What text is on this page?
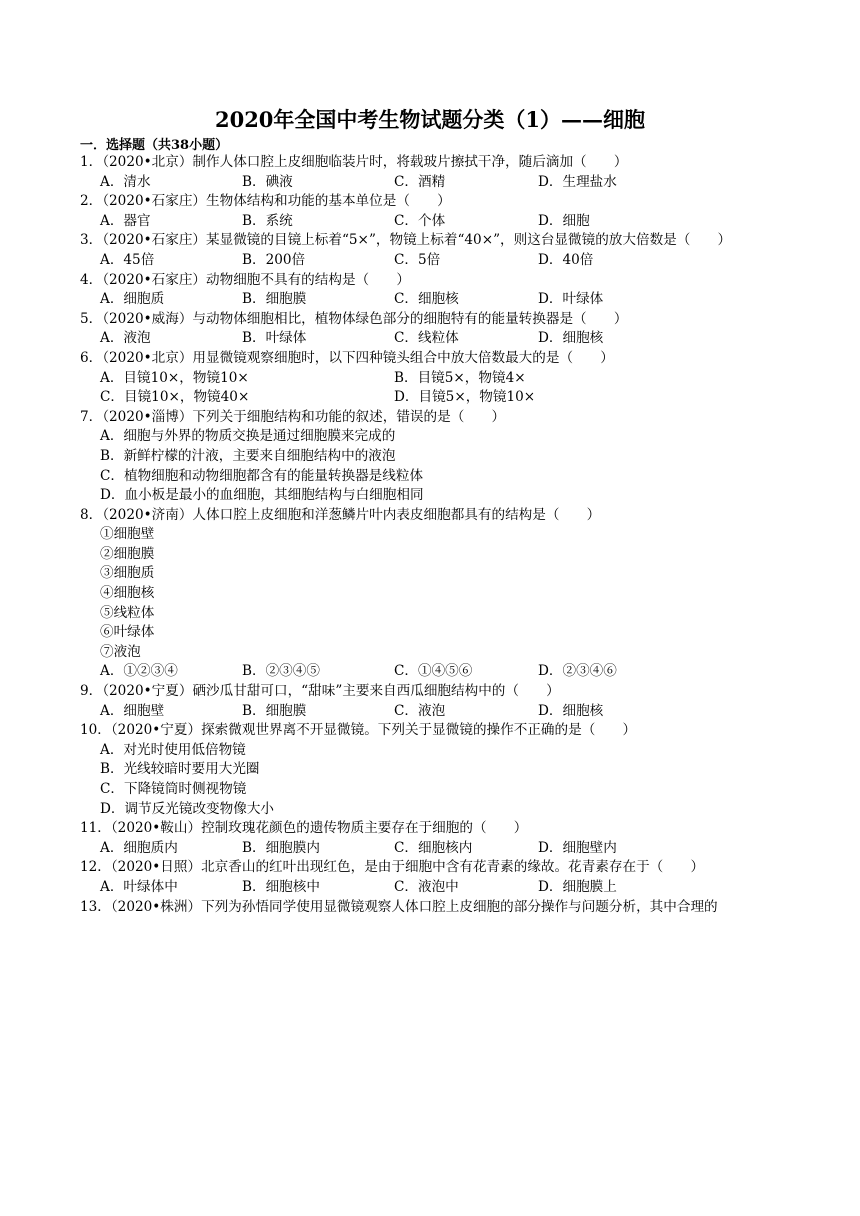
2020年全国中考生物试题分类（1）——细胞
一．选择题（共38小题）
1．（2020•北京）制作人体口腔上皮细胞临装片时，将载玻片擦拭干净，随后滴加（　　）
A．清水	B．碘液	C．酒精	D．生理盐水
2．（2020•石家庄）生物体结构和功能的基本单位是（　　）
A．器官	B．系统	C．个体	D．细胞
3．（2020•石家庄）某显微镜的目镜上标着“5×”，物镜上标着“40×”，则这台显微镜的放大倍数是（　　）
A．45倍	B．200倍	C．5倍	D．40倍
4．（2020•石家庄）动物细胞不具有的结构是（　　）
A．细胞质	B．细胞膜	C．细胞核	D．叶绿体
5．（2020•威海）与动物体细胞相比，植物体绿色部分的细胞特有的能量转换器是（　　）
A．液泡	B．叶绿体	C．线粒体	D．细胞核
6．（2020•北京）用显微镜观察细胞时，以下四种镜头组合中放大倍数最大的是（　　）
A．目镜10×，物镜10×	B．目镜5×，物镜4×
C．目镜10×，物镜40×	D．目镜5×，物镜10×
7．（2020•淄博）下列关于细胞结构和功能的叙述，错误的是（　　）
A．细胞与外界的物质交换是通过细胞膜来完成的
B．新鲜柠檬的汁液，主要来自细胞结构中的液泡
C．植物细胞和动物细胞都含有的能量转换器是线粒体
D．血小板是最小的血细胞，其细胞结构与白细胞相同
8．（2020•济南）人体口腔上皮细胞和洋葱鳞片叶内表皮细胞都具有的结构是（　　）
①细胞壁
②细胞膜
③细胞质
④细胞核
⑤线粒体
⑥叶绿体
⑦液泡
A．①②③④	B．②③④⑤	C．①④⑤⑥	D．②③④⑥
9．（2020•宁夏）硒沙瓜甘甜可口，“甜味”主要来自西瓜细胞结构中的（　　）
A．细胞壁	B．细胞膜	C．液泡	D．细胞核
10．（2020•宁夏）探索微观世界离不开显微镜。下列关于显微镜的操作不正确的是（　　）
A．对光时使用低倍物镜
B．光线较暗时要用大光圈
C．下降镜筒时侧视物镜
D．调节反光镜改变物像大小
11．（2020•鞍山）控制玫瑰花颜色的遗传物质主要存在于细胞的（　　）
A．细胞质内	B．细胞膜内	C．细胞核内	D．细胞壁内
12．（2020•日照）北京香山的红叶出现红色，是由于细胞中含有花青素的缘故。花青素存在于（　　）
A．叶绿体中	B．细胞核中	C．液泡中	D．细胞膜上
13．（2020•株洲）下列为孙悟同学使用显微镜观察人体口腔上皮细胞的部分操作与问题分析，其中合理的
